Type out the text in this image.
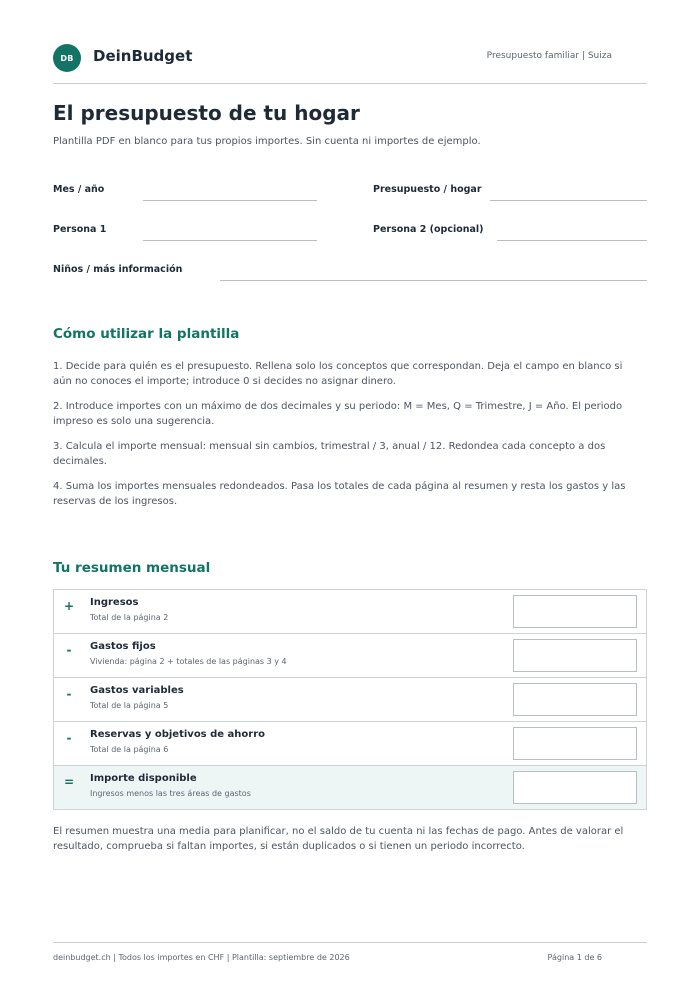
DB	DeinBudget	Presupuesto familiar | Suiza
El presupuesto de tu hogar
Plantilla PDF en blanco para tus propios importes. Sin cuenta ni importes de ejemplo.
Mes / año	Presupuesto / hogar
Persona 1	Persona 2 (opcional)
Niños / más información
Cómo utilizar la plantilla
1. Decide para quién es el presupuesto. Rellena solo los conceptos que correspondan. Deja el campo en blanco si aún no conoces el importe; introduce 0 si decides no asignar dinero.
2. Introduce importes con un máximo de dos decimales y su periodo: M = Mes, Q = Trimestre, J = Año. El periodo impreso es solo una sugerencia.
3. Calcula el importe mensual: mensual sin cambios, trimestral / 3, anual / 12. Redondea cada concepto a dos decimales.
4. Suma los importes mensuales redondeados. Pasa los totales de cada página al resumen y resta los gastos y las reservas de los ingresos.
Tu resumen mensual
+ Ingresos
Total de la página 2
-	Gastos fijos
Vivienda: página 2 + totales de las páginas 3 y 4
-	Gastos variables
Total de la página 5
-	Reservas y objetivos de ahorro
Total de la página 6
= Importe disponible
Ingresos menos las tres áreas de gastos
El resumen muestra una media para planificar, no el saldo de tu cuenta ni las fechas de pago. Antes de valorar el resultado, comprueba si faltan importes, si están duplicados o si tienen un periodo incorrecto.
deinbudget.ch | Todos los importes en CHF | Plantilla: septiembre de 2026	Página 1 de 6
